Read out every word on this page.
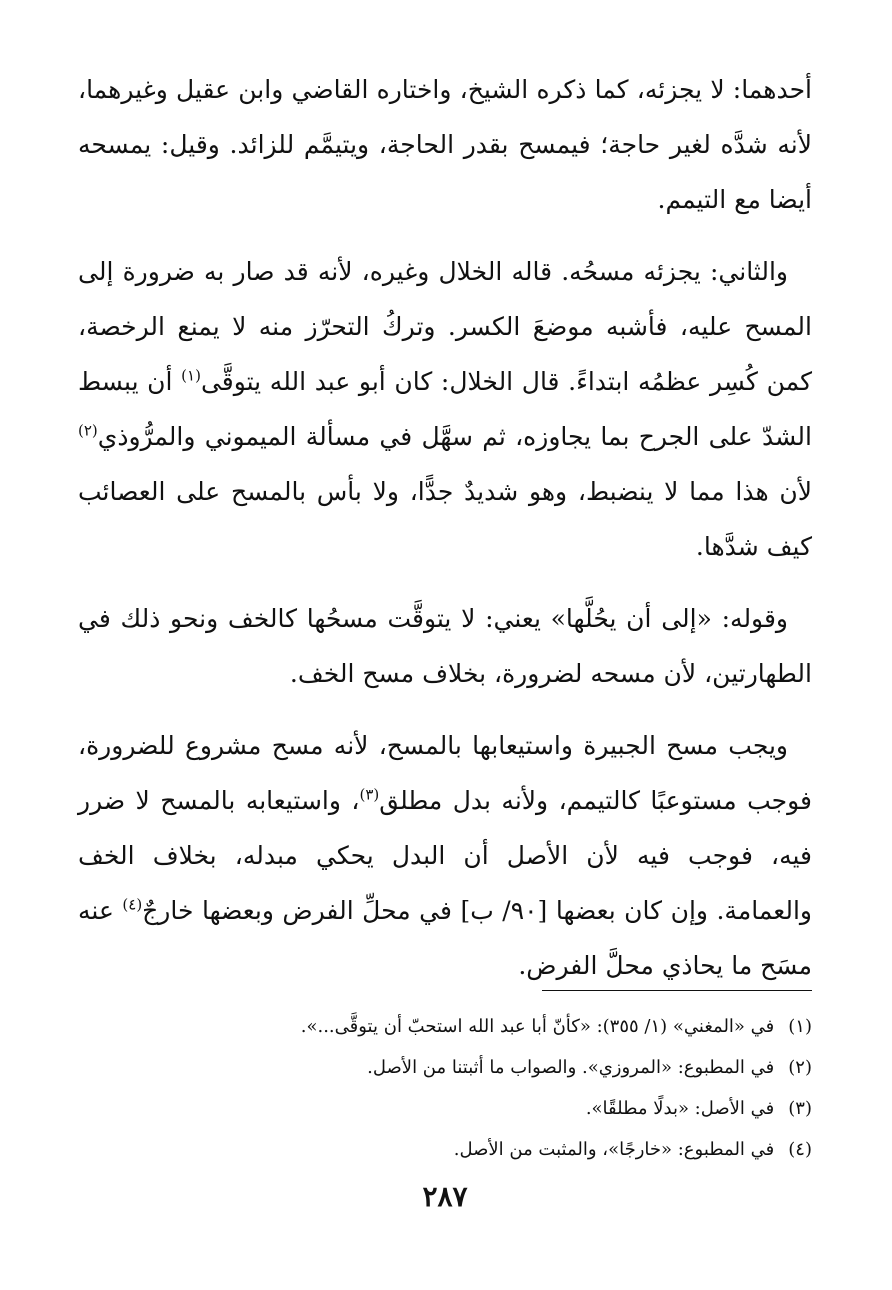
أحدهما: لا يجزئه، كما ذكره الشيخ، واختاره القاضي وابن عقيل وغيرهما، لأنه شدَّه لغير حاجة؛ فيمسح بقدر الحاجة، ويتيمَّم للزائد. وقيل: يمسحه أيضا مع التيمم.

والثاني: يجزئه مسحُه. قاله الخلال وغيره، لأنه قد صار به ضرورة إلى المسح عليه، فأشبه موضعَ الكسر. وتركُ التحرّز منه لا يمنع الرخصة، كمن كُسِر عظمُه ابتداءً. قال الخلال: كان أبو عبد الله يتوقَّى$^{(١)}$ أن يبسط الشدّ على الجرح بما يجاوزه، ثم سهَّل في مسألة الميموني والمرُّوذي$^{(٢)}$ لأن هذا مما لا ينضبط، وهو شديدٌ جدًّا، ولا بأس بالمسح على العصائب كيف شدَّها.

وقوله: «إلى أن يحُلَّها» يعني: لا يتوقَّت مسحُها كالخف ونحو ذلك في الطهارتين، لأن مسحه لضرورة، بخلاف مسح الخف.

ويجب مسح الجبيرة واستيعابها بالمسح، لأنه مسح مشروع للضرورة، فوجب مستوعبًا كالتيمم، ولأنه بدل مطلق$^{(٣)}$، واستيعابه بالمسح لا ضرر فيه، فوجب فيه لأن الأصل أن البدل يحكي مبدله، بخلاف الخف والعمامة. وإن كان بعضها [٩٠/ ب] في محلِّ الفرض وبعضها خارجٌ$^{(٤)}$ عنه مسَح ما يحاذي محلَّ الفرض.

(١)في «المغني» (١/ ٣٥٥): «كأنّ أبا عبد الله استحبّ أن يتوقَّى...».
(٢)في المطبوع: «المروزي». والصواب ما أثبتنا من الأصل.
(٣)في الأصل: «بدلًا مطلقًا».
(٤)في المطبوع: «خارجًا»، والمثبت من الأصل.
٢٨٧
